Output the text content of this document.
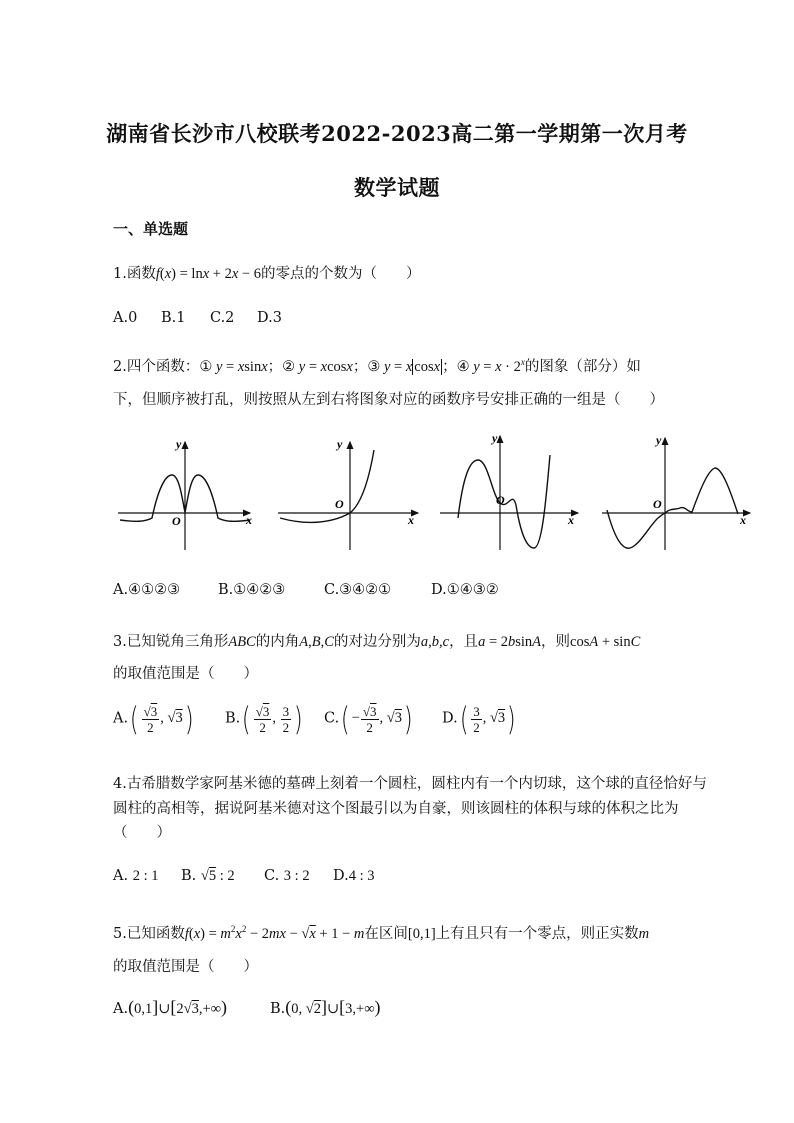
湖南省长沙市八校联考2022-2023高二第一学期第一次月考
数学试题
一、单选题
1.函数f(x) = lnx + 2x − 6的零点的个数为（　　）
A.0 B.1 C.2 D.3
2.四个函数：① y = xsinx；② y = xcosx；③ y = x cosx ；④ $y = x \cdot 2^x$的图象（部分）如
下，但顺序被打乱，则按照从左到右将图象对应的函数序号安排正确的一组是（　　）
y
x
O
y
x
O
y
x
O
y
x
O
A.④①②③	B.①④②③	C.③④②①	D.①④③②
3.已知锐角三角形ABC的内角A,B,C的对边分别为a,b,c，且a = 2bsinA，则cosA + sinC
的取值范围是（　　）
$A.( \frac{√3}{2}$ , √3) $B.( \frac{√3}{2}$ , $\frac{3}{2}$ ) $C.( - \frac{√3}{2}$ , √3) $D.( \frac{3}{2}$ , √3)
4.古希腊数学家阿基米德的墓碑上刻着一个圆柱，圆柱内有一个内切球，这个球的直径恰好与
圆柱的高相等，据说阿基米德对这个图最引以为自豪，则该圆柱的体积与球的体积之比为
（　　）
A. 2 : 1 B. √5 : 2 C. 3 : 2 D.4 : 3
5.已知函数$f(x) = m^2x^2 - 2mx - √x + 1 - m$在区间[0,1]上有且只有一个零点，则正实数m
的取值范围是（　　）
A.(0,1]∪[2√3,+∞)	B.(0, √2]∪[3,+∞)
